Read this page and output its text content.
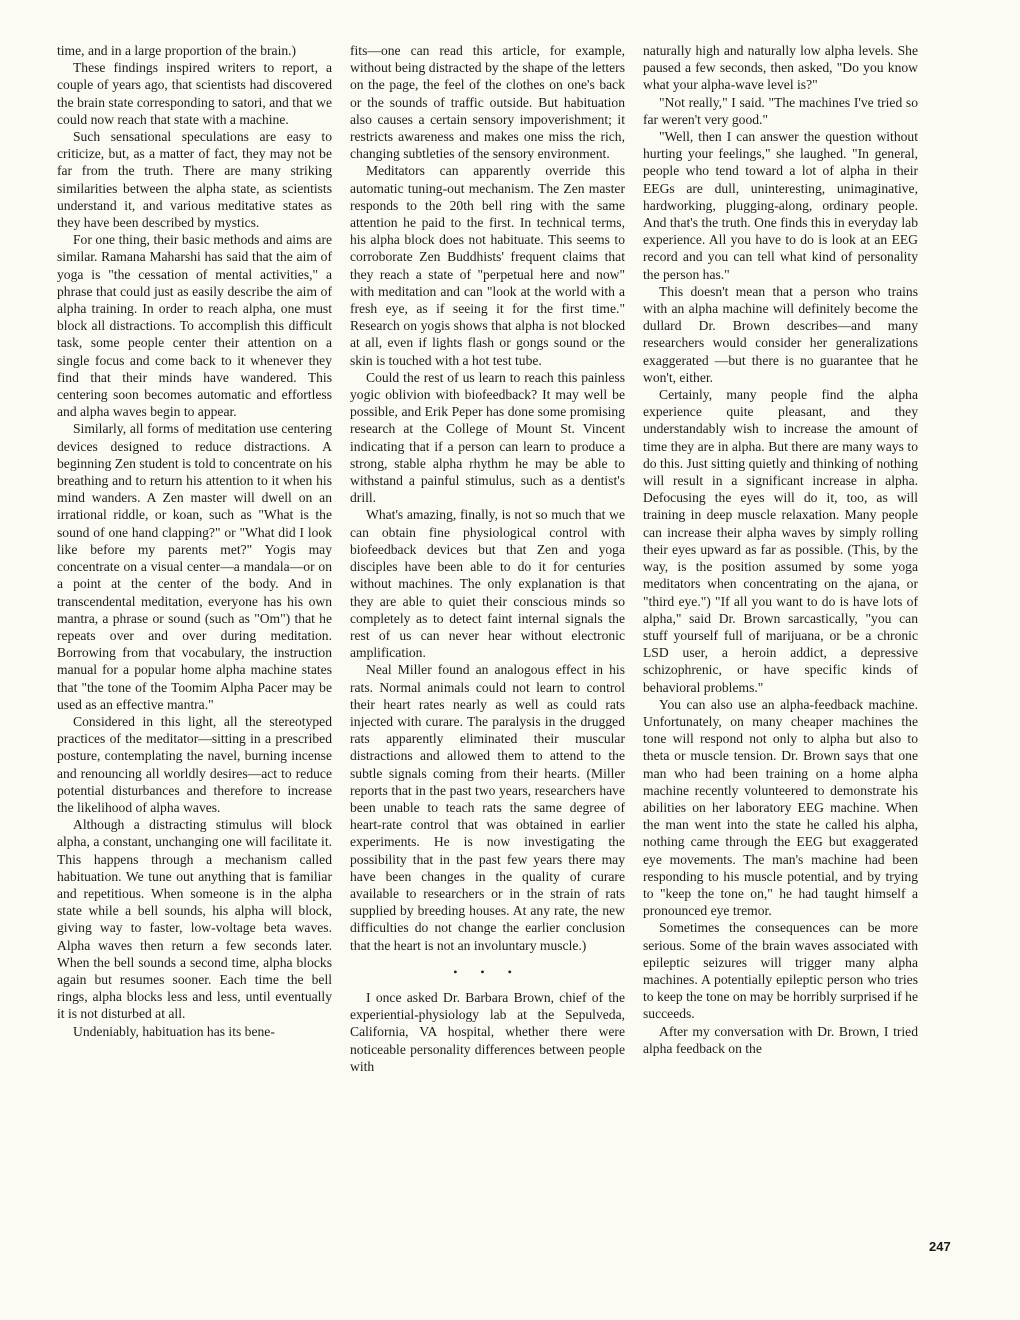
time, and in a large proportion of the brain.)

These findings inspired writers to report, a couple of years ago, that scientists had discovered the brain state corresponding to satori, and that we could now reach that state with a machine.

Such sensational speculations are easy to criticize, but, as a matter of fact, they may not be far from the truth. There are many striking similarities between the alpha state, as scientists understand it, and various meditative states as they have been described by mystics.

For one thing, their basic methods and aims are similar. Ramana Maharshi has said that the aim of yoga is "the cessation of mental activities," a phrase that could just as easily describe the aim of alpha training. In order to reach alpha, one must block all distractions. To accomplish this difficult task, some people center their attention on a single focus and come back to it whenever they find that their minds have wandered. This centering soon becomes automatic and effortless and alpha waves begin to appear.

Similarly, all forms of meditation use centering devices designed to reduce distractions. A beginning Zen student is told to concentrate on his breathing and to return his attention to it when his mind wanders. A Zen master will dwell on an irrational riddle, or koan, such as "What is the sound of one hand clapping?" or "What did I look like before my parents met?" Yogis may concentrate on a visual center—a mandala—or on a point at the center of the body. And in transcendental meditation, everyone has his own mantra, a phrase or sound (such as "Om") that he repeats over and over during meditation. Borrowing from that vocabulary, the instruction manual for a popular home alpha machine states that "the tone of the Toomim Alpha Pacer may be used as an effective mantra."

Considered in this light, all the stereotyped practices of the meditator—sitting in a prescribed posture, contemplating the navel, burning incense and renouncing all worldly desires—act to reduce potential disturbances and therefore to increase the likelihood of alpha waves.

Although a distracting stimulus will block alpha, a constant, unchanging one will facilitate it. This happens through a mechanism called habituation. We tune out anything that is familiar and repetitious. When someone is in the alpha state while a bell sounds, his alpha will block, giving way to faster, low-voltage beta waves. Alpha waves then return a few seconds later. When the bell sounds a second time, alpha blocks again but resumes sooner. Each time the bell rings, alpha blocks less and less, until eventually it is not disturbed at all.

Undeniably, habituation has its bene-

fits—one can read this article, for example, without being distracted by the shape of the letters on the page, the feel of the clothes on one's back or the sounds of traffic outside. But habituation also causes a certain sensory impoverishment; it restricts awareness and makes one miss the rich, changing subtleties of the sensory environment.

Meditators can apparently override this automatic tuning-out mechanism. The Zen master responds to the 20th bell ring with the same attention he paid to the first. In technical terms, his alpha block does not habituate. This seems to corroborate Zen Buddhists' frequent claims that they reach a state of "perpetual here and now" with meditation and can "look at the world with a fresh eye, as if seeing it for the first time." Research on yogis shows that alpha is not blocked at all, even if lights flash or gongs sound or the skin is touched with a hot test tube.

Could the rest of us learn to reach this painless yogic oblivion with biofeedback? It may well be possible, and Erik Peper has done some promising research at the College of Mount St. Vincent indicating that if a person can learn to produce a strong, stable alpha rhythm he may be able to withstand a painful stimulus, such as a dentist's drill.

What's amazing, finally, is not so much that we can obtain fine physiological control with biofeedback devices but that Zen and yoga disciples have been able to do it for centuries without machines. The only explanation is that they are able to quiet their conscious minds so completely as to detect faint internal signals the rest of us can never hear without electronic amplification.

Neal Miller found an analogous effect in his rats. Normal animals could not learn to control their heart rates nearly as well as could rats injected with curare. The paralysis in the drugged rats apparently eliminated their muscular distractions and allowed them to attend to the subtle signals coming from their hearts. (Miller reports that in the past two years, researchers have been unable to teach rats the same degree of heart-rate control that was obtained in earlier experiments. He is now investigating the possibility that in the past few years there may have been changes in the quality of curare available to researchers or in the strain of rats supplied by breeding houses. At any rate, the new difficulties do not change the earlier conclusion that the heart is not an involuntary muscle.)

• • •

I once asked Dr. Barbara Brown, chief of the experiential-physiology lab at the Sepulveda, California, VA hospital, whether there were noticeable personality differences between people with

naturally high and naturally low alpha levels. She paused a few seconds, then asked, "Do you know what your alpha-wave level is?"

"Not really," I said. "The machines I've tried so far weren't very good."

"Well, then I can answer the question without hurting your feelings," she laughed. "In general, people who tend toward a lot of alpha in their EEGs are dull, uninteresting, unimaginative, hardworking, plugging-along, ordinary people. And that's the truth. One finds this in everyday lab experience. All you have to do is look at an EEG record and you can tell what kind of personality the person has."

This doesn't mean that a person who trains with an alpha machine will definitely become the dullard Dr. Brown describes—and many researchers would consider her generalizations exaggerated —but there is no guarantee that he won't, either.

Certainly, many people find the alpha experience quite pleasant, and they understandably wish to increase the amount of time they are in alpha. But there are many ways to do this. Just sitting quietly and thinking of nothing will result in a significant increase in alpha. Defocusing the eyes will do it, too, as will training in deep muscle relaxation. Many people can increase their alpha waves by simply rolling their eyes upward as far as possible. (This, by the way, is the position assumed by some yoga meditators when concentrating on the ajana, or "third eye.") "If all you want to do is have lots of alpha," said Dr. Brown sarcastically, "you can stuff yourself full of marijuana, or be a chronic LSD user, a heroin addict, a depressive schizophrenic, or have specific kinds of behavioral problems."

You can also use an alpha-feedback machine. Unfortunately, on many cheaper machines the tone will respond not only to alpha but also to theta or muscle tension. Dr. Brown says that one man who had been training on a home alpha machine recently volunteered to demonstrate his abilities on her laboratory EEG machine. When the man went into the state he called his alpha, nothing came through the EEG but exaggerated eye movements. The man's machine had been responding to his muscle potential, and by trying to "keep the tone on," he had taught himself a pronounced eye tremor.

Sometimes the consequences can be more serious. Some of the brain waves associated with epileptic seizures will trigger many alpha machines. A potentially epileptic person who tries to keep the tone on may be horribly surprised if he succeeds.

After my conversation with Dr. Brown, I tried alpha feedback on the

247
